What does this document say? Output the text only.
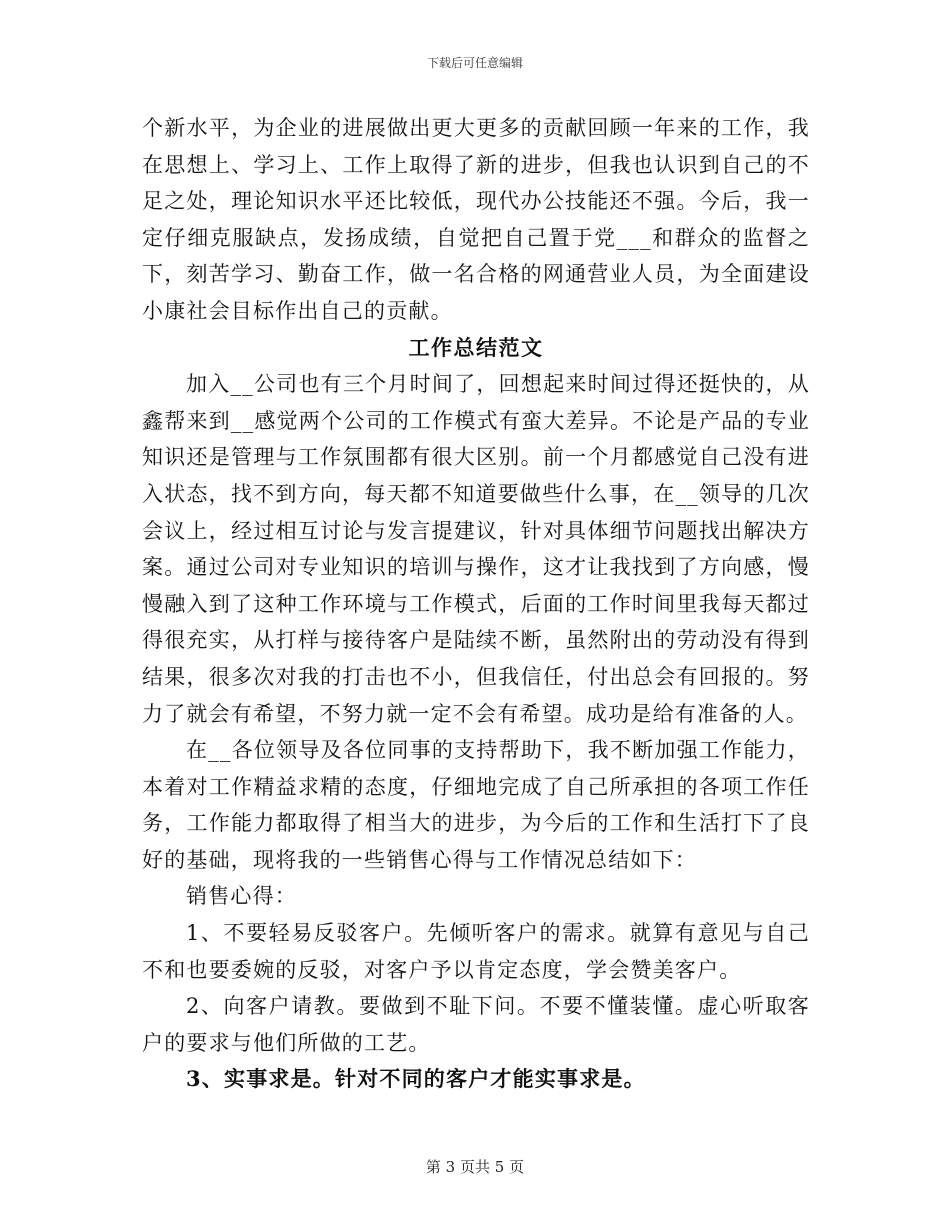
下载后可任意编辑

个新水平，为企业的进展做出更大更多的贡献回顾一年来的工作，我在思想上、学习上、工作上取得了新的进步，但我也认识到自己的不足之处，理论知识水平还比较低，现代办公技能还不强。今后，我一定仔细克服缺点，发扬成绩，自觉把自己置于党___和群众的监督之下，刻苦学习、勤奋工作，做一名合格的网通营业人员，为全面建设小康社会目标作出自己的贡献。

工作总结范文

加入__公司也有三个月时间了，回想起来时间过得还挺快的，从鑫帮来到__感觉两个公司的工作模式有蛮大差异。不论是产品的专业知识还是管理与工作氛围都有很大区别。前一个月都感觉自己没有进入状态，找不到方向，每天都不知道要做些什么事，在__领导的几次会议上，经过相互讨论与发言提建议，针对具体细节问题找出解决方案。通过公司对专业知识的培训与操作，这才让我找到了方向感，慢慢融入到了这种工作环境与工作模式，后面的工作时间里我每天都过得很充实，从打样与接待客户是陆续不断，虽然附出的劳动没有得到结果，很多次对我的打击也不小，但我信任，付出总会有回报的。努力了就会有希望，不努力就一定不会有希望。成功是给有准备的人。

在__各位领导及各位同事的支持帮助下，我不断加强工作能力，本着对工作精益求精的态度，仔细地完成了自己所承担的各项工作任务，工作能力都取得了相当大的进步，为今后的工作和生活打下了良好的基础，现将我的一些销售心得与工作情况总结如下：

销售心得：

1、不要轻易反驳客户。先倾听客户的需求。就算有意见与自己不和也要委婉的反驳，对客户予以肯定态度，学会赞美客户。

2、向客户请教。要做到不耻下问。不要不懂装懂。虚心听取客户的要求与他们所做的工艺。

3、实事求是。针对不同的客户才能实事求是。

第 3 页共 5 页
